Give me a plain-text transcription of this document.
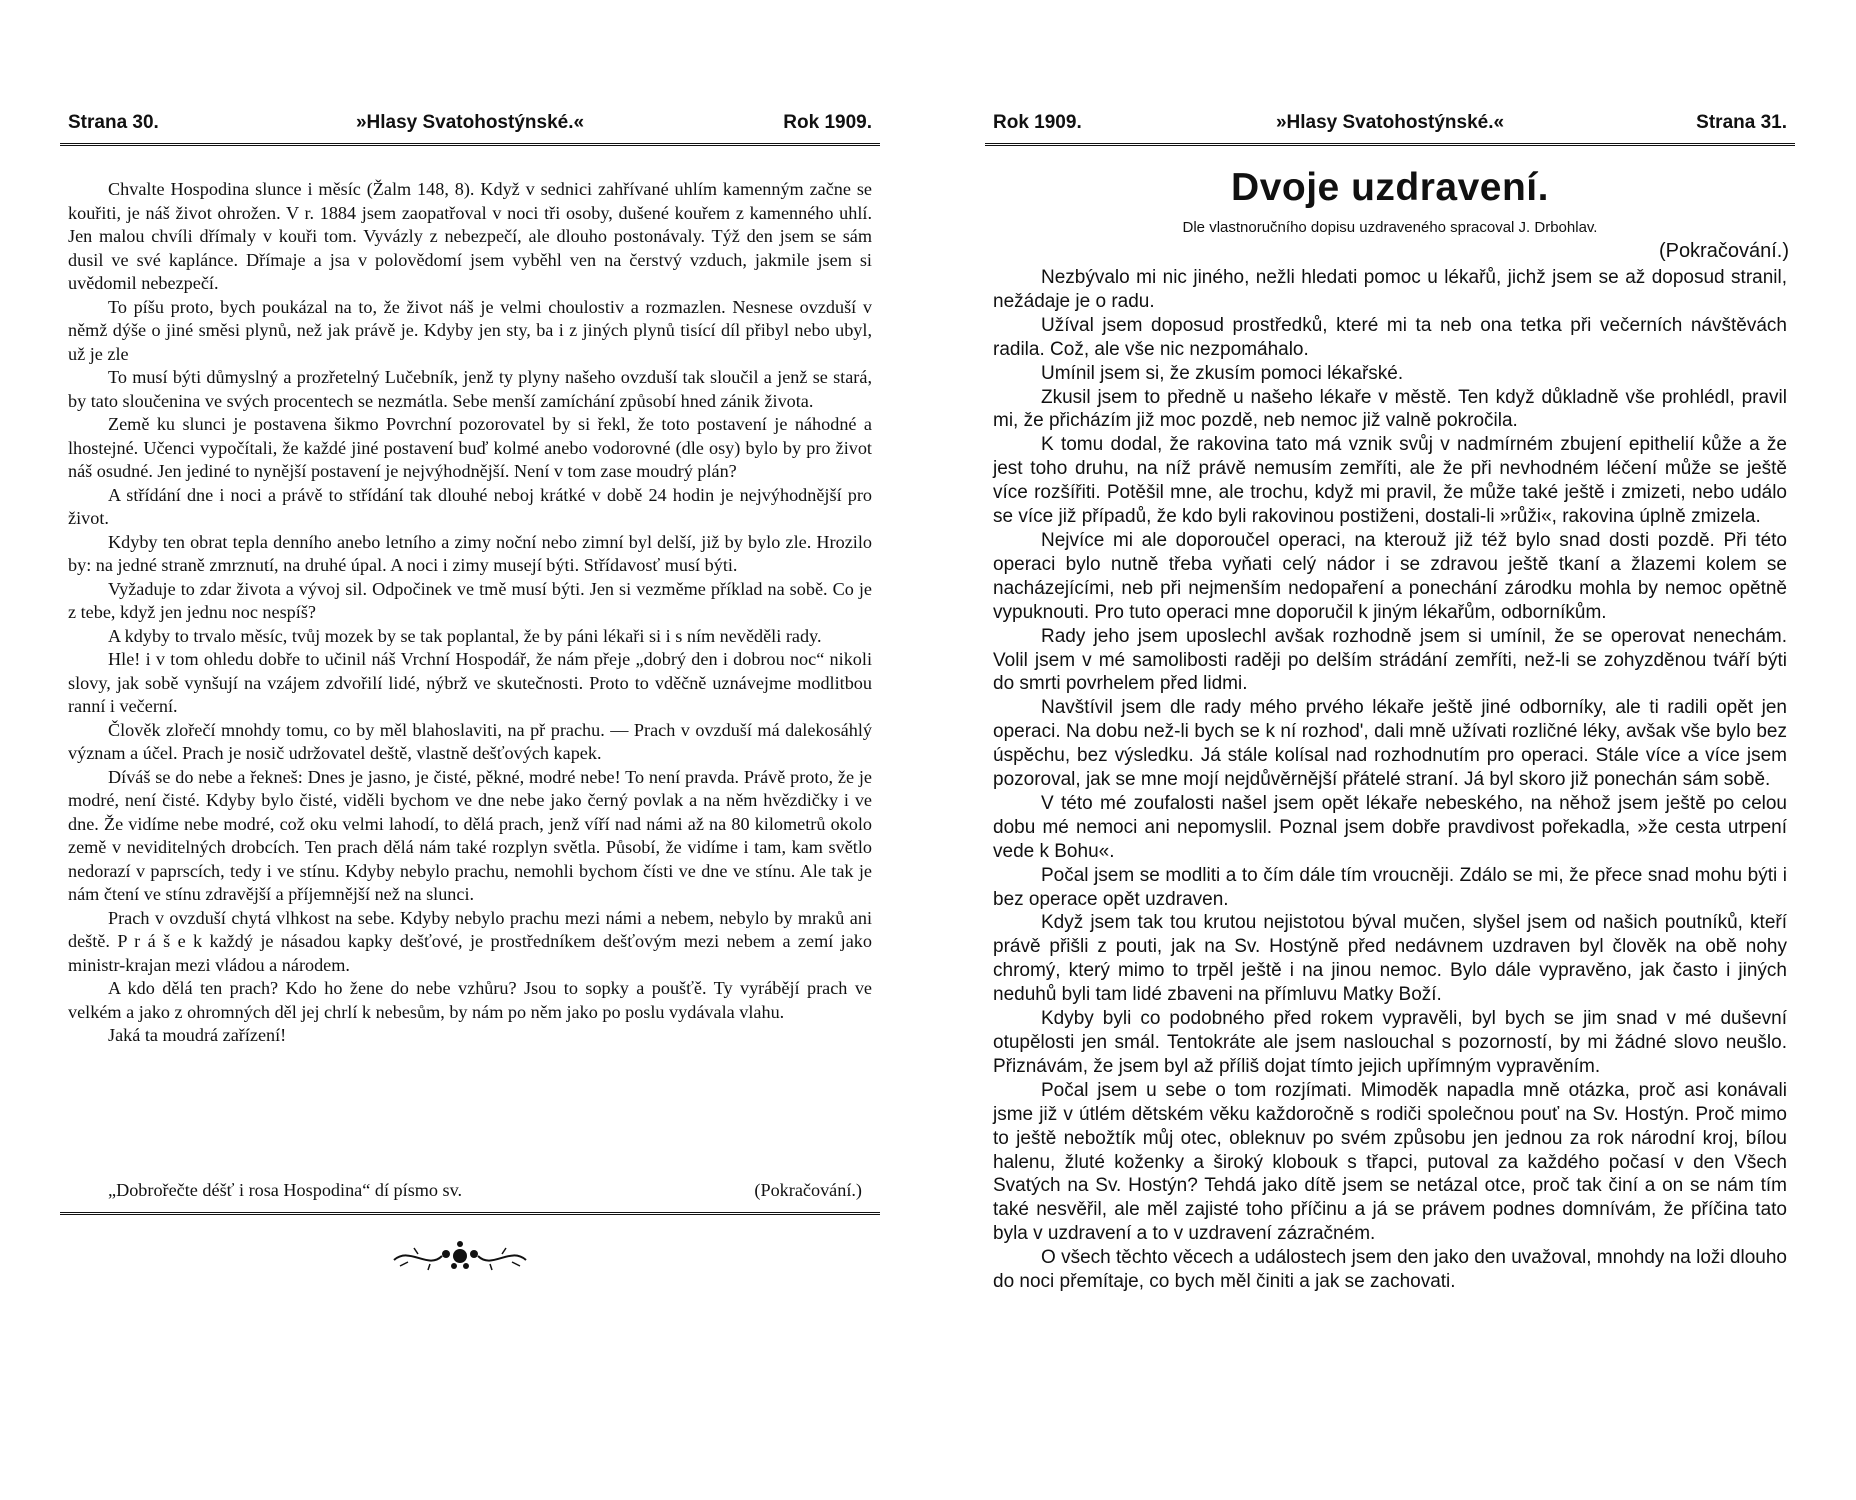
Strana 30.	»Hlasy Svatohostýnské.«	Rok 1909.

Chvalte Hospodina slunce i měsíc (Žalm 148, 8). Když v sednici zahřívané uhlím kamenným začne se kouřiti, je náš život ohrožen. V r. 1884 jsem zaopatřoval v noci tři osoby, dušené kouřem z kamenného uhlí. Jen malou chvíli dřímaly v kouři tom. Vyvázly z nebezpečí, ale dlouho postonávaly. Týž den jsem se sám dusil ve své kaplánce. Dřímaje a jsa v polovědomí jsem vyběhl ven na čerstvý vzduch, jakmile jsem si uvědomil nebezpečí.

To píšu proto, bych poukázal na to, že život náš je velmi choulostiv a rozmazlen. Nesnese ovzduší v němž dýše o jiné směsi plynů, než jak právě je. Kdyby jen sty, ba i z jiných plynů tisící díl přibyl nebo ubyl, už je zle

To musí býti důmyslný a prozřetelný Lučebník, jenž ty plyny našeho ovzduší tak sloučil a jenž se stará, by tato sloučenina ve svých procentech se nezmátla. Sebe menší zamíchání způsobí hned zánik života.

Země ku slunci je postavena šikmo Povrchní pozorovatel by si řekl, že toto postavení je náhodné a lhostejné. Učenci vypočítali, že každé jiné postavení buď kolmé anebo vodorovné (dle osy) bylo by pro život náš osudné. Jen jediné to nynější postavení je nejvýhodnější. Není v tom zase moudrý plán?

A střídání dne i noci a právě to střídání tak dlouhé neboj krátké v době 24 hodin je nejvýhodnější pro život.

Kdyby ten obrat tepla denního anebo letního a zimy noční nebo zimní byl delší, již by bylo zle. Hrozilo by: na jedné straně zmrznutí, na druhé úpal. A noci i zimy musejí býti. Střídavosť musí býti.

Vyžaduje to zdar života a vývoj sil. Odpočinek ve tmě musí býti. Jen si vezměme příklad na sobě. Co je z tebe, když jen jednu noc nespíš?

A kdyby to trvalo měsíc, tvůj mozek by se tak poplantal, že by páni lékaři si i s ním nevěděli rady.

Hle! i v tom ohledu dobře to učinil náš Vrchní Hospodář, že nám přeje „dobrý den i dobrou noc“ nikoli slovy, jak sobě vynšují na vzájem zdvořilí lidé, nýbrž ve skutečnosti. Proto to vděčně uznávejme modlitbou ranní i večerní.

Člověk zlořečí mnohdy tomu, co by měl blahoslaviti, na př prachu. — Prach v ovzduší má dalekosáhlý význam a účel. Prach je nosič udržovatel deště, vlastně dešťových kapek.

Díváš se do nebe a řekneš: Dnes je jasno, je čisté, pěkné, modré nebe! To není pravda. Právě proto, že je modré, není čisté. Kdyby bylo čisté, viděli bychom ve dne nebe jako černý povlak a na něm hvězdičky i ve dne. Že vidíme nebe modré, což oku velmi lahodí, to dělá prach, jenž víří nad námi až na 80 kilometrů okolo země v neviditelných drobcích. Ten prach dělá nám také rozplyn světla. Působí, že vidíme i tam, kam světlo nedorazí v paprscích, tedy i ve stínu. Kdyby nebylo prachu, nemohli bychom čísti ve dne ve stínu. Ale tak je nám čtení ve stínu zdravější a příjemnější než na slunci.

Prach v ovzduší chytá vlhkost na sebe. Kdyby nebylo prachu mezi námi a nebem, nebylo by mraků ani deště. P r á š e k každý je násadou kapky dešťové, je prostředníkem dešťovým mezi nebem a zemí jako ministr-krajan mezi vládou a národem.

A kdo dělá ten prach? Kdo ho žene do nebe vzhůru? Jsou to sopky a poušťě. Ty vyrábějí prach ve velkém a jako z ohromných děl jej chrlí k nebesům, by nám po něm jako po poslu vydávala vlahu.

Jaká ta moudrá zařízení!

„Dobrořečte déšť i rosa Hospodina“ dí písmo sv.	(Pokračování.)
Rok 1909.	»Hlasy Svatohostýnské.«	Strana 31.
Dvoje uzdravení.
Dle vlastnoručního dopisu uzdraveného spracoval J. Drbohlav.
(Pokračování.)

Nezbývalo mi nic jiného, nežli hledati pomoc u lékařů, jichž jsem se až doposud stranil, nežádaje je o radu.

Užíval jsem doposud prostředků, které mi ta neb ona tetka při večerních návštěvách radila. Což, ale vše nic nezpomáhalo.

Umínil jsem si, že zkusím pomoci lékařské.

Zkusil jsem to předně u našeho lékaře v městě. Ten když důkladně vše prohlédl, pravil mi, že přicházím již moc pozdě, neb nemoc již valně pokročila.

K tomu dodal, že rakovina tato má vznik svůj v nadmírném zbujení epithelií kůže a že jest toho druhu, na níž právě nemusím zemříti, ale že při nevhodném léčení může se ještě více rozšířiti. Potěšil mne, ale trochu, když mi pravil, že může také ještě i zmizeti, nebo událo se více již případů, že kdo byli rakovinou postiženi, dostali-li »růži«, rakovina úplně zmizela.

Nejvíce mi ale doporoučel operaci, na kterouž již též bylo snad dosti pozdě. Při této operaci bylo nutně třeba vyňati celý nádor i se zdravou ještě tkaní a žlazemi kolem se nacházejícími, neb při nejmenším nedopaření a ponechání zárodku mohla by nemoc opětně vypuknouti. Pro tuto operaci mne doporučil k jiným lékařům, odborníkům.

Rady jeho jsem uposlechl avšak rozhodně jsem si umínil, že se operovat nenechám. Volil jsem v mé samolibosti raději po delším strádání zemříti, než-li se zohyzděnou tváří býti do smrti povrhelem před lidmi.

Navštívil jsem dle rady mého prvého lékaře ještě jiné odborníky, ale ti radili opět jen operaci. Na dobu než-li bych se k ní rozhod', dali mně užívati rozličné léky, avšak vše bylo bez úspěchu, bez výsledku. Já stále kolísal nad rozhodnutím pro operaci. Stále více a více jsem pozoroval, jak se mne mojí nejdůvěrnější přátelé straní. Já byl skoro již ponechán sám sobě.

V této mé zoufalosti našel jsem opět lékaře nebeského, na něhož jsem ještě po celou dobu mé nemoci ani nepomyslil. Poznal jsem dobře pravdivost pořekadla, »že cesta utrpení vede k Bohu«.

Počal jsem se modliti a to čím dále tím vroucněji. Zdálo se mi, že přece snad mohu býti i bez operace opět uzdraven.

Když jsem tak tou krutou nejistotou býval mučen, slyšel jsem od našich poutníků, kteří právě přišli z pouti, jak na Sv. Hostýně před nedávnem uzdraven byl člověk na obě nohy chromý, který mimo to trpěl ještě i na jinou nemoc. Bylo dále vypravěno, jak často i jiných neduhů byli tam lidé zbaveni na přímluvu Matky Boží.

Kdyby byli co podobného před rokem vypravěli, byl bych se jim snad v mé duševní otupělosti jen smál. Tentokráte ale jsem naslouchal s pozorností, by mi žádné slovo neušlo. Přiznávám, že jsem byl až příliš dojat tímto jejich upřímným vypravěním.

Počal jsem u sebe o tom rozjímati. Mimoděk napadla mně otázka, proč asi konávali jsme již v útlém dětském věku každoročně s rodiči společnou pouť na Sv. Hostýn. Proč mimo to ještě nebožtík můj otec, obleknuv po svém způsobu jen jednou za rok národní kroj, bílou halenu, žluté koženky a široký klobouk s třapci, putoval za každého počasí v den Všech Svatých na Sv. Hostýn? Tehdá jako dítě jsem se netázal otce, proč tak činí a on se nám tím také nesvěřil, ale měl zajisté toho příčinu a já se právem podnes domnívám, že příčina tato byla v uzdravení a to v uzdravení zázračném.

O všech těchto věcech a událostech jsem den jako den uvažoval, mnohdy na loži dlouho do noci přemítaje, co bych měl činiti a jak se zachovati.
